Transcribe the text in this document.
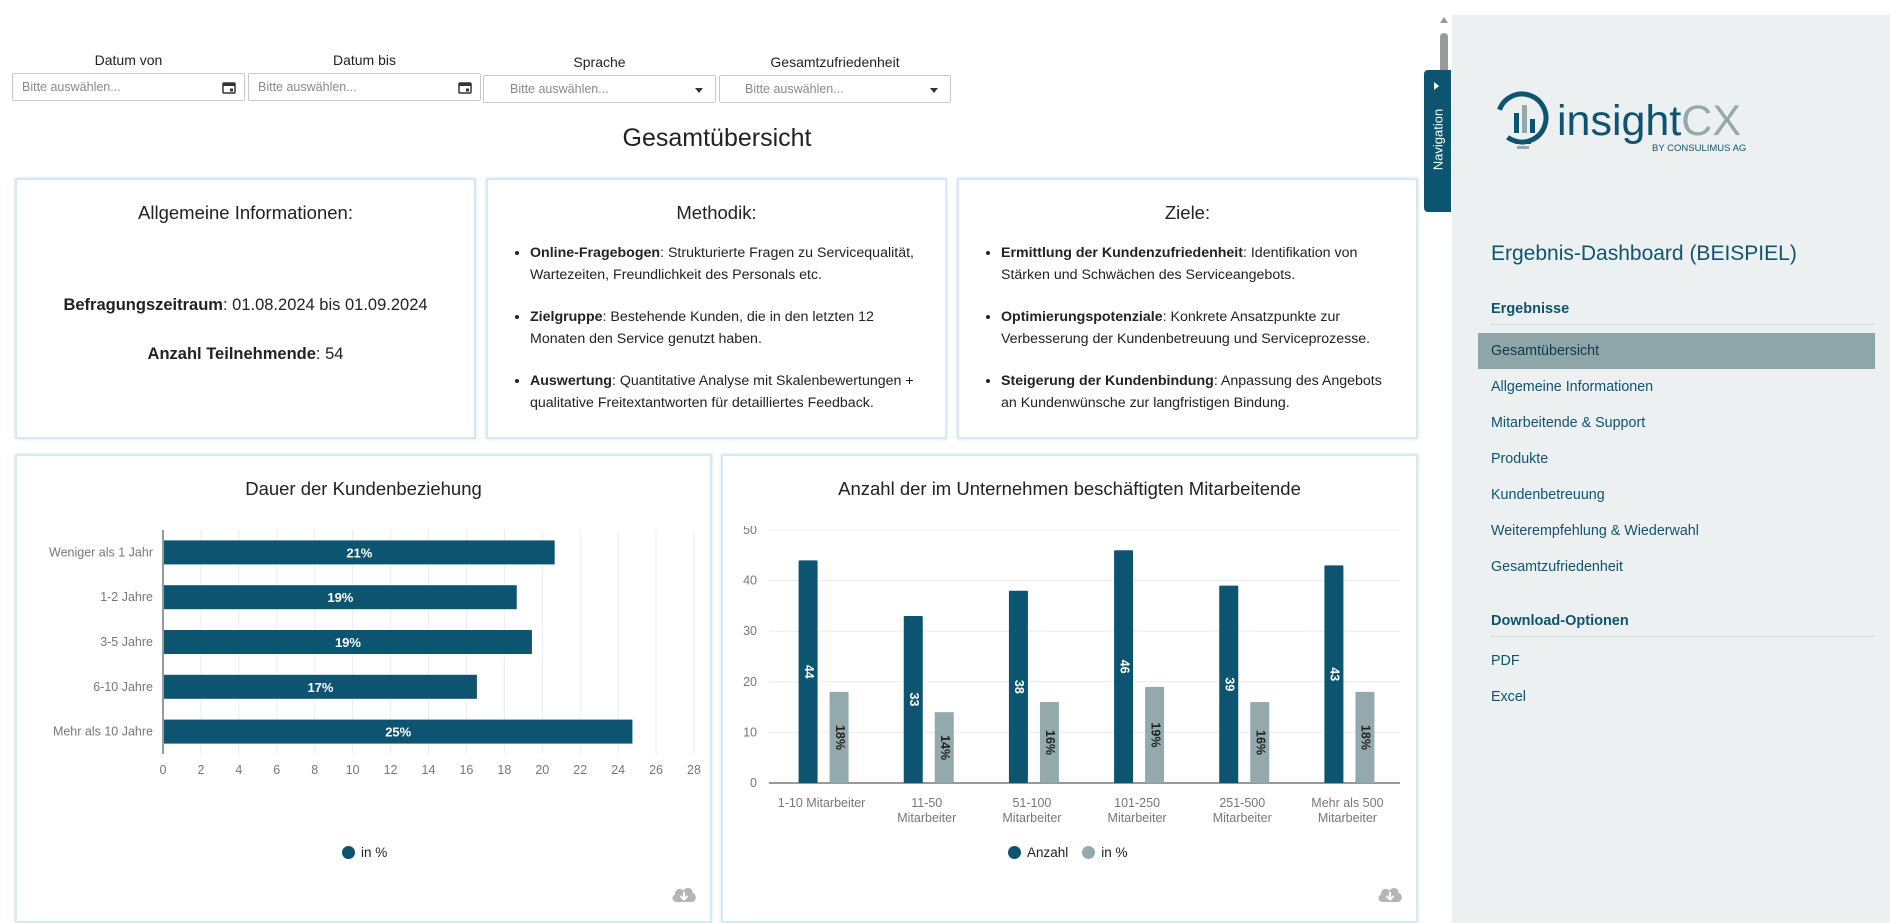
Datum von
Bitte auswählen...
Datum bis
Bitte auswählen...
Sprache
Bitte auswählen...
Gesamtzufriedenheit
Bitte auswählen...
Gesamtübersicht
Allgemeine Informationen:
Befragungszeitraum: 01.08.2024 bis 01.09.2024
Anzahl Teilnehmende: 54
Methodik:
• Online-Fragebogen: Strukturierte Fragen zu Servicequalität, Wartezeiten, Freundlichkeit des Personals etc.
• Zielgruppe: Bestehende Kunden, die in den letzten 12 Monaten den Service genutzt haben.
• Auswertung: Quantitative Analyse mit Skalenbewertungen + qualitative Freitextantworten für detailliertes Feedback.
Ziele:
• Ermittlung der Kundenzufriedenheit: Identifikation von Stärken und Schwächen des Serviceangebots.
• Optimierungspotenziale: Konkrete Ansatzpunkte zur Verbesserung der Kundenbetreuung und Serviceprozesse.
• Steigerung der Kundenbindung: Anpassung des Angebots an Kundenwünsche zur langfristigen Bindung.
Dauer der Kundenbeziehung
0 2 4 6 8 10 12 14 16 18 20 22 24 26 28
Weniger als 1 Jahr	21%
1-2 Jahre	19%
3-5 Jahre	19%
6-10 Jahre	17%
Mehr als 10 Jahre	25%
in %
Anzahl der im Unternehmen beschäftigten Mitarbeitende
0
10
20
30
40
50
44
18%
1-10 Mitarbeiter
33
14%
11-50
Mitarbeiter
38
16%
51-100
Mitarbeiter
46
19%
101-250
Mitarbeiter
39
16%
251-500
Mitarbeiter
43
18%
Mehr als 500
Mitarbeiter
Anzahl in %
Navigation	insightCX
BY CONSULIMUS AG
Ergebnis-Dashboard (BEISPIEL)
Ergebnisse
Gesamtübersicht
Allgemeine Informationen
Mitarbeitende & Support
Produkte
Kundenbetreuung
Weiterempfehlung & Wiederwahl
Gesamtzufriedenheit
Download-Optionen
PDF
Excel
